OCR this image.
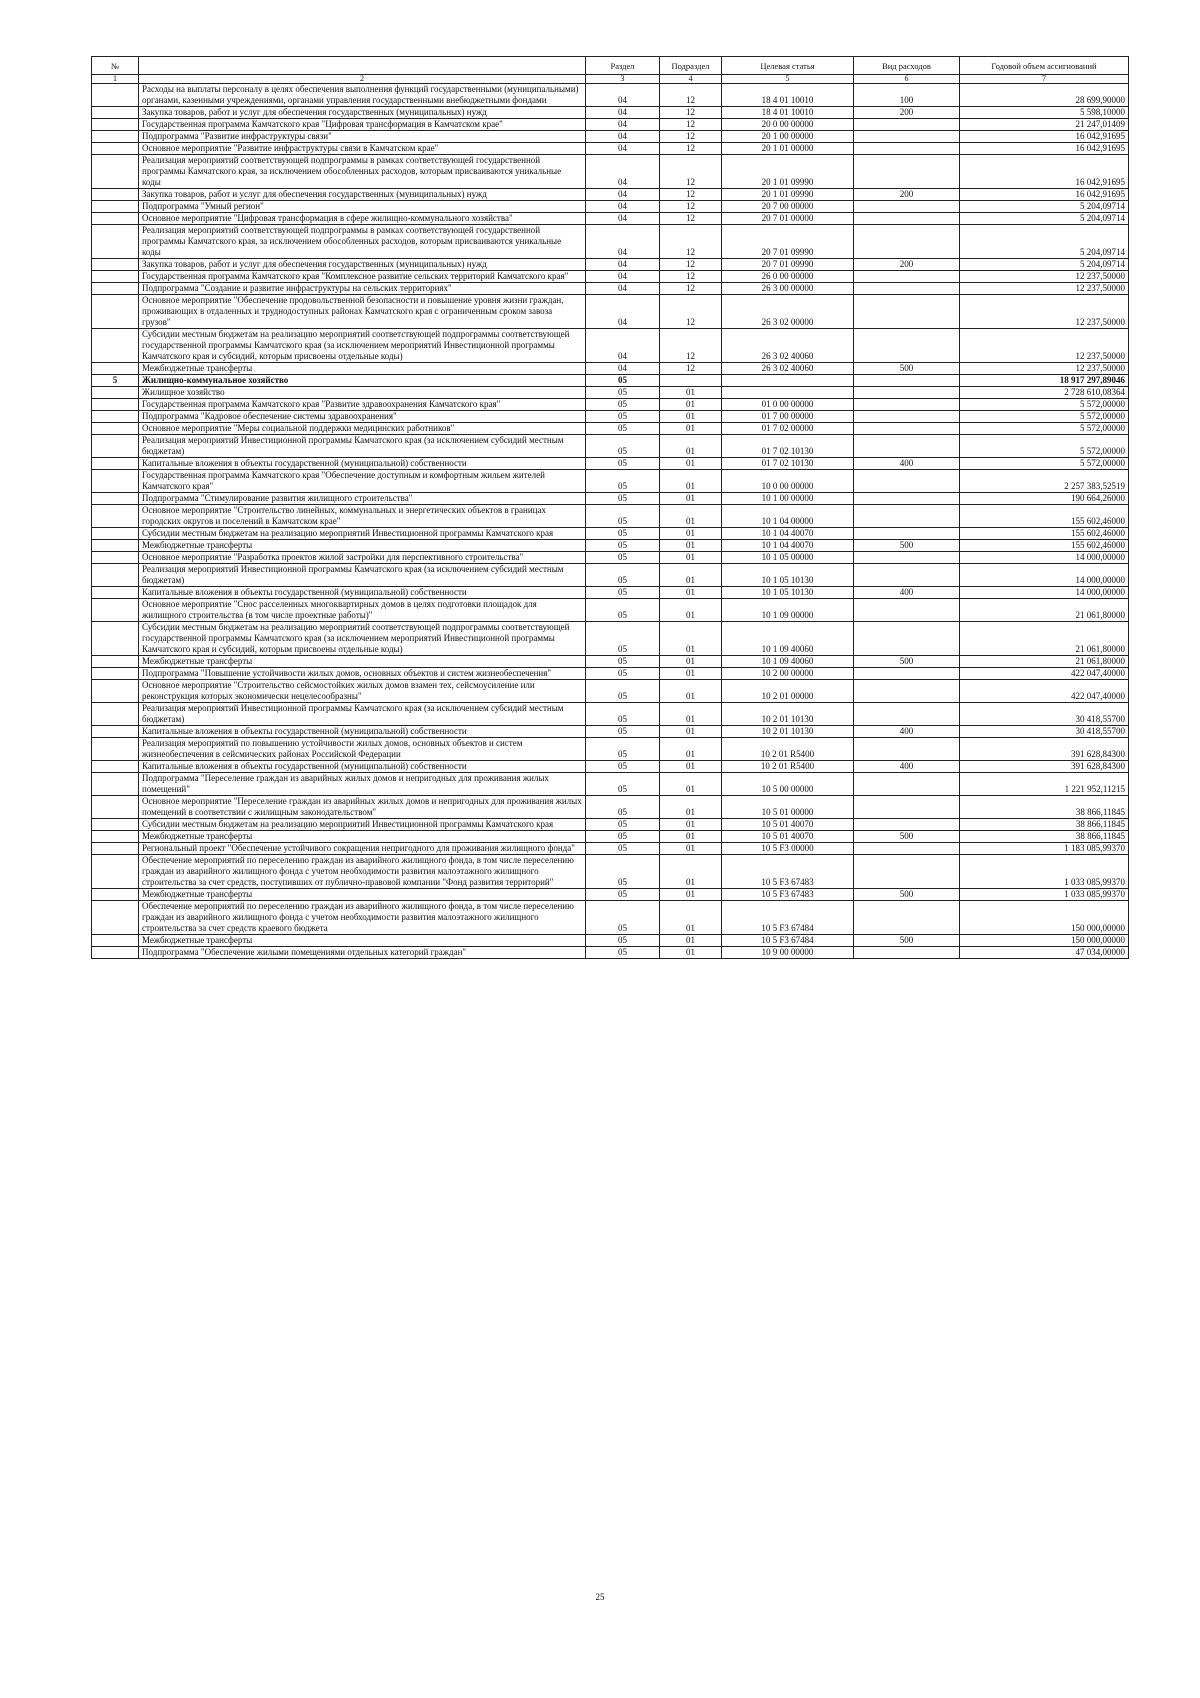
№		Раздел	Подраздел	Целевая статья	Вид расходов	Годовой объем ассигнований
1	2	3	4	5	6	7
	Расходы на выплаты персоналу в целях обеспечения выполнения функций государственными (муниципальными) органами, казенными учреждениями, органами управления государственными внебюджетными фондами	04	12	18 4 01 10010	100	28 699,90000
	Закупка товаров, работ и услуг для обеспечения государственных (муниципальных) нужд	04	12	18 4 01 10010	200	5 598,10000
	Государственная программа Камчатского края "Цифровая трансформация в Камчатском крае"	04	12	20 0 00 00000		21 247,01409
	Подпрограмма "Развитие инфраструктуры связи"	04	12	20 1 00 00000		16 042,91695
	Основное мероприятие "Развитие инфраструктуры связи в Камчатском крае"	04	12	20 1 01 00000		16 042,91695
	Реализация мероприятий соответствующей подпрограммы в рамках соответствующей государственной программы Камчатского края, за исключением обособленных расходов, которым присваиваются уникальные коды	04	12	20 1 01 09990		16 042,91695
	Закупка товаров, работ и услуг для обеспечения государственных (муниципальных) нужд	04	12	20 1 01 09990	200	16 042,91695
	Подпрограмма "Умный регион"	04	12	20 7 00 00000		5 204,09714
	Основное мероприятие "Цифровая трансформация в сфере жилищно-коммунального хозяйства"	04	12	20 7 01 00000		5 204,09714
	Реализация мероприятий соответствующей подпрограммы в рамках соответствующей государственной программы Камчатского края, за исключением обособленных расходов, которым присваиваются уникальные коды	04	12	20 7 01 09990		5 204,09714
	Закупка товаров, работ и услуг для обеспечения государственных (муниципальных) нужд	04	12	20 7 01 09990	200	5 204,09714
	Государственная программа Камчатского края "Комплексное развитие сельских территорий Камчатского края"	04	12	26 0 00 00000		12 237,50000
	Подпрограмма "Создание и развитие инфраструктуры на сельских территориях"	04	12	26 3 00 00000		12 237,50000
	Основное мероприятие "Обеспечение продовольственной безопасности и повышение уровня жизни граждан, проживающих в отдаленных и труднодоступных районах Камчатского края с ограниченным сроком завоза грузов"	04	12	26 3 02 00000		12 237,50000
	Субсидии местным бюджетам на реализацию мероприятий соответствующей подпрограммы соответствующей государственной программы Камчатского края (за исключением мероприятий Инвестиционной программы Камчатского края и субсидий, которым присвоены отдельные коды)	04	12	26 3 02 40060		12 237,50000
	Межбюджетные трансферты	04	12	26 3 02 40060	500	12 237,50000
5	Жилищно-коммунальное хозяйство	05				18 917 297,89046
	Жилищное хозяйство	05	01			2 728 610,08364
	Государственная программа Камчатского края "Развитие здравоохранения Камчатского края"	05	01	01 0 00 00000		5 572,00000
	Подпрограмма "Кадровое обеспечение системы здравоохранения"	05	01	01 7 00 00000		5 572,00000
	Основное мероприятие "Меры социальной поддержки медицинских работников"	05	01	01 7 02 00000		5 572,00000
	Реализация мероприятий Инвестиционной программы Камчатского края (за исключением субсидий местным бюджетам)	05	01	01 7 02 10130		5 572,00000
	Капитальные вложения в объекты государственной (муниципальной) собственности	05	01	01 7 02 10130	400	5 572,00000
	Государственная программа Камчатского края "Обеспечение доступным и комфортным жильем жителей Камчатского края"	05	01	10 0 00 00000		2 257 383,52519
	Подпрограмма "Стимулирование развития жилищного строительства"	05	01	10 1 00 00000		190 664,26000
	Основное мероприятие "Строительство линейных, коммунальных и энергетических объектов в границах городских округов и поселений в Камчатском крае"	05	01	10 1 04 00000		155 602,46000
	Субсидии местным бюджетам на реализацию мероприятий Инвестиционной программы Камчатского края	05	01	10 1 04 40070		155 602,46000
	Межбюджетные трансферты	05	01	10 1 04 40070	500	155 602,46000
	Основное мероприятие "Разработка проектов жилой застройки для перспективного строительства"	05	01	10 1 05 00000		14 000,00000
	Реализация мероприятий Инвестиционной программы Камчатского края (за исключением субсидий местным бюджетам)	05	01	10 1 05 10130		14 000,00000
	Капитальные вложения в объекты государственной (муниципальной) собственности	05	01	10 1 05 10130	400	14 000,00000
	Основное мероприятие "Снос расселенных многоквартирных домов в целях подготовки площадок для жилищного строительства (в том числе проектные работы)"	05	01	10 1 09 00000		21 061,80000
	Субсидии местным бюджетам на реализацию мероприятий соответствующей подпрограммы соответствующей государственной программы Камчатского края (за исключением мероприятий Инвестиционной программы Камчатского края и субсидий, которым присвоены отдельные коды)	05	01	10 1 09 40060		21 061,80000
	Межбюджетные трансферты	05	01	10 1 09 40060	500	21 061,80000
	Подпрограмма "Повышение устойчивости жилых домов, основных объектов и систем жизнеобеспечения"	05	01	10 2 00 00000		422 047,40000
	Основное мероприятие "Строительство сейсмостойких жилых домов взамен тех, сейсмоусиление или реконструкция которых экономически нецелесообразны"	05	01	10 2 01 00000		422 047,40000
	Реализация мероприятий Инвестиционной программы Камчатского края (за исключением субсидий местным бюджетам)	05	01	10 2 01 10130		30 418,55700
	Капитальные вложения в объекты государственной (муниципальной) собственности	05	01	10 2 01 10130	400	30 418,55700
	Реализация мероприятий по повышению устойчивости жилых домов, основных объектов и систем жизнеобеспечения в сейсмических районах Российской Федерации	05	01	10 2 01 R5400		391 628,84300
	Капитальные вложения в объекты государственной (муниципальной) собственности	05	01	10 2 01 R5400	400	391 628,84300
	Подпрограмма "Переселение граждан из аварийных жилых домов и непригодных для проживания жилых помещений"	05	01	10 5 00 00000		1 221 952,11215
	Основное мероприятие "Переселение граждан из аварийных жилых домов и непригодных для проживания жилых помещений в соответствии с жилищным законодательством"	05	01	10 5 01 00000		38 866,11845
	Субсидии местным бюджетам на реализацию мероприятий Инвестиционной программы Камчатского края	05	01	10 5 01 40070		38 866,11845
	Межбюджетные трансферты	05	01	10 5 01 40070	500	38 866,11845
	Региональный проект "Обеспечение устойчивого сокращения непригодного для проживания жилищного фонда"	05	01	10 5 F3 00000		1 183 085,99370
	Обеспечение мероприятий по переселению граждан из аварийного жилищного фонда, в том числе переселению граждан из аварийного жилищного фонда с учетом необходимости развития малоэтажного жилищного строительства за счет средств, поступивших от публично-правовой компании "Фонд развития территорий"	05	01	10 5 F3 67483		1 033 085,99370
	Межбюджетные трансферты	05	01	10 5 F3 67483	500	1 033 085,99370
	Обеспечение мероприятий по переселению граждан из аварийного жилищного фонда, в том числе переселению граждан из аварийного жилищного фонда с учетом необходимости развития малоэтажного жилищного строительства за счет средств краевого бюджета	05	01	10 5 F3 67484		150 000,00000
	Межбюджетные трансферты	05	01	10 5 F3 67484	500	150 000,00000
	Подпрограмма "Обеспечение жилыми помещениями отдельных категорий граждан"	05	01	10 9 00 00000		47 034,00000
25
